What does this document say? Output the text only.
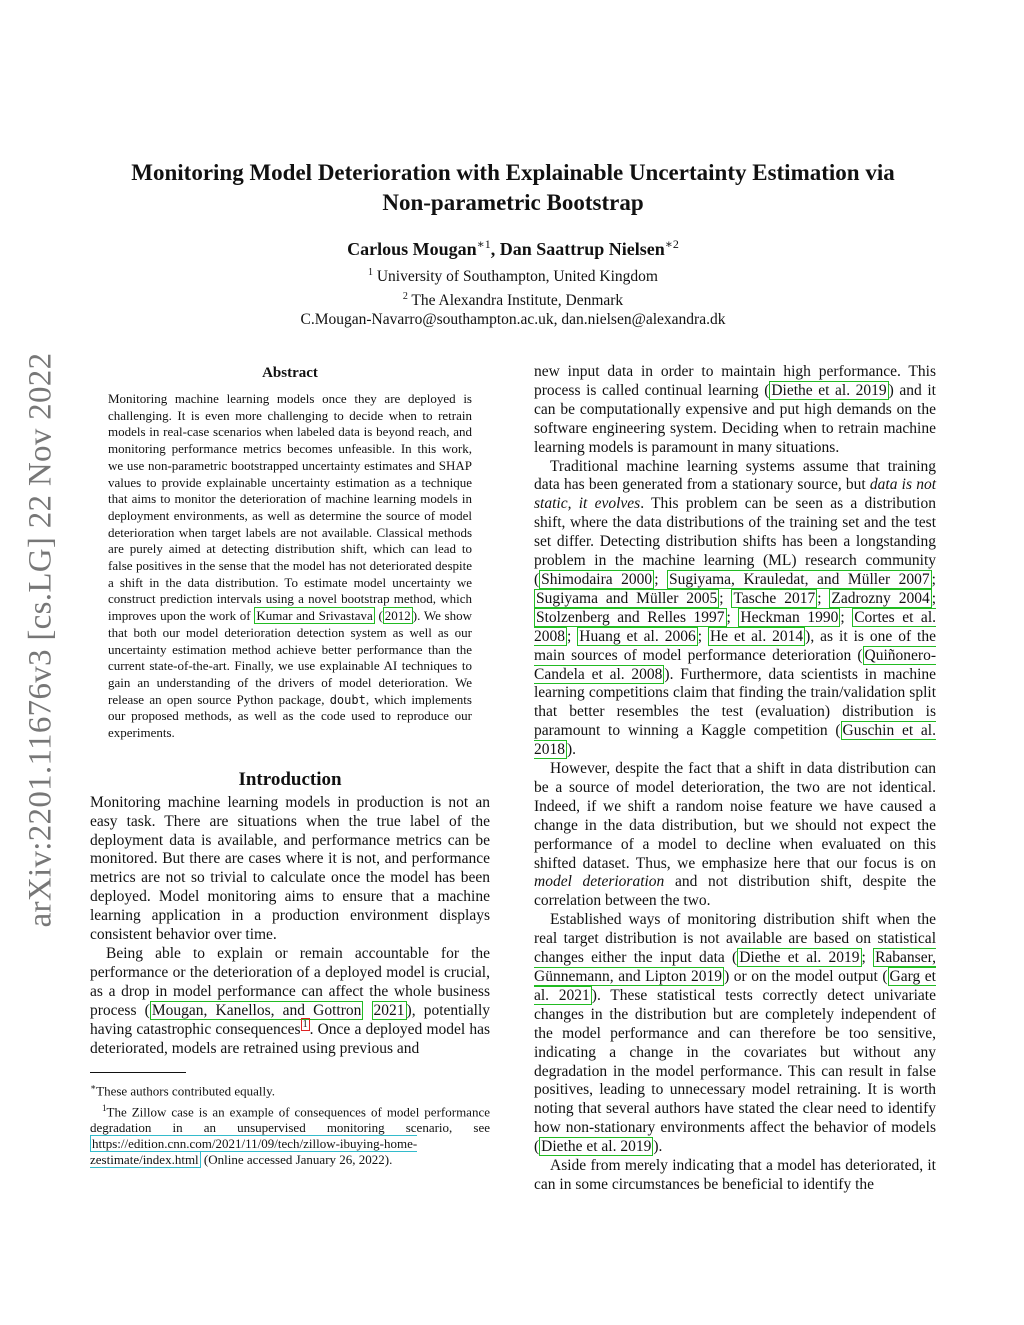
arXiv:2201.11676v3 [cs.LG] 22 Nov 2022
Monitoring Model Deterioration with Explainable Uncertainty Estimation via
Non-parametric Bootstrap
Carlous Mougan$^{∗1}$, Dan Saattrup Nielsen$^{∗2}$
$^1$ University of Southampton, United Kingdom
$^2$ The Alexandra Institute, Denmark
C.Mougan-Navarro@southampton.ac.uk, dan.nielsen@alexandra.dk
Abstract

Monitoring machine learning models once they are deployed is challenging. It is even more challenging to decide when to retrain models in real-case scenarios when labeled data is beyond reach, and monitoring performance metrics becomes unfeasible. In this work, we use non-parametric bootstrapped uncertainty estimates and SHAP values to provide explainable uncertainty estimation as a technique that aims to monitor the deterioration of machine learning models in deployment environments, as well as determine the source of model deterioration when target labels are not available. Classical methods are purely aimed at detecting distribution shift, which can lead to false positives in the sense that the model has not deteriorated despite a shift in the data distribution. To estimate model uncertainty we construct prediction intervals using a novel bootstrap method, which improves upon the work of Kumar and Srivastava ( 2012 ). We show that both our model deterioration detection system as well as our uncertainty estimation method achieve better performance than the current state-of-the-art. Finally, we use explainable AI techniques to gain an understanding of the drivers of model deterioration. We release an open source Python package, doubt, which implements our proposed methods, as well as the code used to reproduce our experiments.

Introduction

Monitoring machine learning models in production is not an easy task. There are situations when the true label of the deployment data is available, and performance metrics can be monitored. But there are cases where it is not, and performance metrics are not so trivial to calculate once the model has been deployed. Model monitoring aims to ensure that a machine learning application in a production environment displays consistent behavior over time.

Being able to explain or remain accountable for the performance or the deterioration of a deployed model is crucial, as a drop in model performance can affect the whole business process ( Mougan, Kanellos, and Gottron 2021 ), potentially having catastrophic consequences $^1$ . Once a deployed model has deteriorated, models are retrained using previous and

∗These authors contributed equally.

$^1$The Zillow case is an example of consequences of model performance degradation in an unsupervised monitoring scenario, see https://edition.cnn.com/2021/11/09/tech/zillow-ibuying-home-zestimate/index.html (Online accessed January 26, 2022).

new input data in order to maintain high performance. This process is called continual learning ( Diethe et al. 2019 ) and it can be computationally expensive and put high demands on the software engineering system. Deciding when to retrain machine learning models is paramount in many situations.

Traditional machine learning systems assume that training data has been generated from a stationary source, but data is not static, it evolves. This problem can be seen as a distribution shift, where the data distributions of the training set and the test set differ. Detecting distribution shifts has been a longstanding problem in the machine learning (ML) research community ( Shimodaira 2000 ; Sugiyama, Krauledat, and Müller 2007 ; Sugiyama and Müller 2005 ; Tasche 2017 ; Zadrozny 2004 ; Stolzenberg and Relles 1997 ; Heckman 1990 ; Cortes et al. 2008 ; Huang et al. 2006 ; He et al. 2014 ), as it is one of the main sources of model performance deterioration ( Quiñonero-Candela et al. 2008 ). Furthermore, data scientists in machine learning competitions claim that finding the train/validation split that better resembles the test (evaluation) distribution is paramount to winning a Kaggle competition ( Guschin et al. 2018 ).

However, despite the fact that a shift in data distribution can be a source of model deterioration, the two are not identical. Indeed, if we shift a random noise feature we have caused a change in the data distribution, but we should not expect the performance of a model to decline when evaluated on this shifted dataset. Thus, we emphasize here that our focus is on model deterioration and not distribution shift, despite the correlation between the two.

Established ways of monitoring distribution shift when the real target distribution is not available are based on statistical changes either the input data ( Diethe et al. 2019 ; Rabanser, Günnemann, and Lipton 2019 ) or on the model output ( Garg et al. 2021 ). These statistical tests correctly detect univariate changes in the distribution but are completely independent of the model performance and can therefore be too sensitive, indicating a change in the covariates but without any degradation in the model performance. This can result in false positives, leading to unnecessary model retraining. It is worth noting that several authors have stated the clear need to identify how non-stationary environments affect the behavior of models ( Diethe et al. 2019 ).

Aside from merely indicating that a model has deteriorated, it can in some circumstances be beneficial to identify the
